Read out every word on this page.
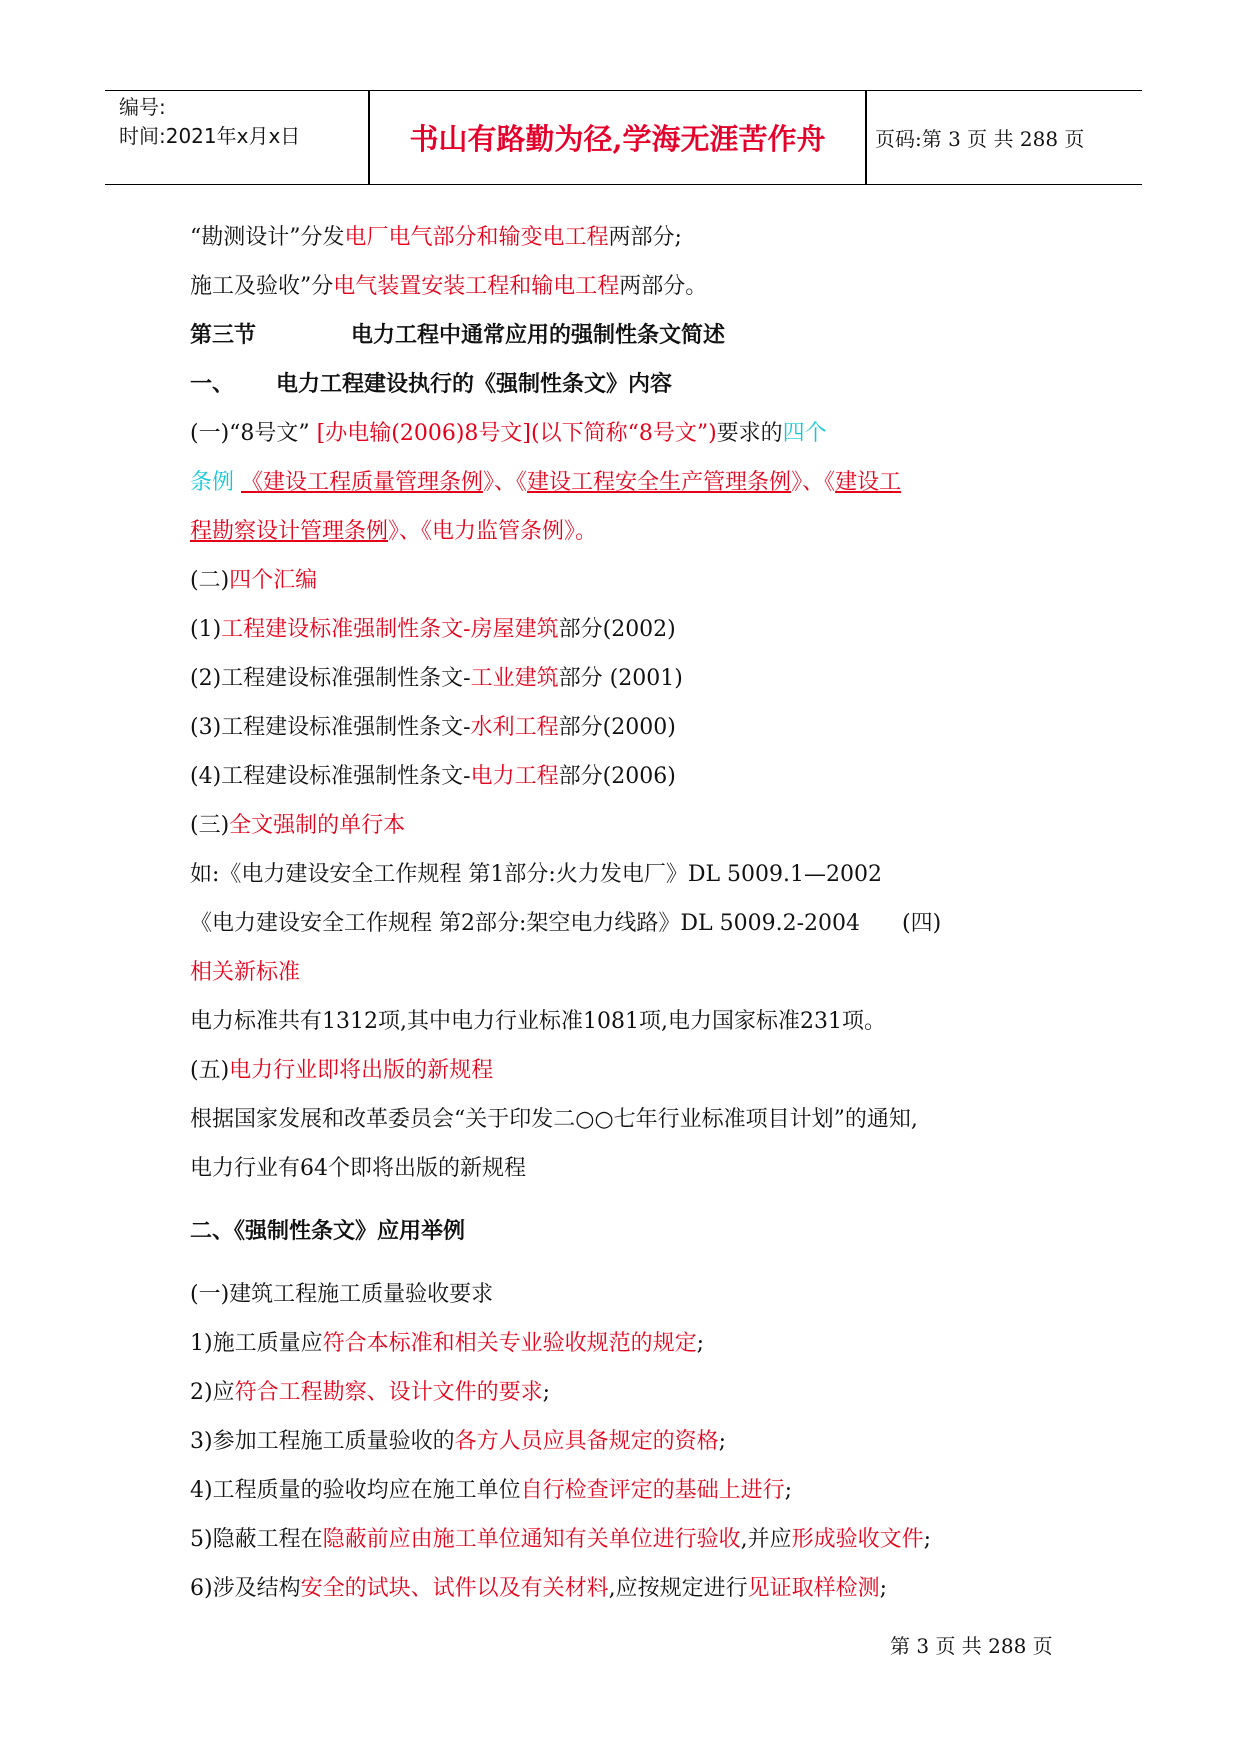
编号:
时间:2021年x月x日	书山有路勤为径,学海无涯苦作舟	页码:第 3 页 共 288 页
“勘测设计”分发电厂电气部分和输变电工程两部分;
施工及验收”分电气装置安装工程和输电工程两部分。
第三节	电力工程中通常应用的强制性条文简述
一、 电力工程建设执行的《强制性条文》内容
(一)“8号文” [办电输(2006)8号文](以下简称“8号文”)要求的四个
条例 《建设工程质量管理条例》、《建设工程安全生产管理条例》、《建设工
程勘察设计管理条例》、《电力监管条例》。
(二)四个汇编
(1)工程建设标准强制性条文-房屋建筑部分(2002)
(2)工程建设标准强制性条文-工业建筑部分 (2001)
(3)工程建设标准强制性条文-水利工程部分(2000)
(4)工程建设标准强制性条文-电力工程部分(2006)
(三)全文强制的单行本
如:《电力建设安全工作规程 第1部分:火力发电厂》DL 5009.1—2002
《电力建设安全工作规程 第2部分:架空电力线路》DL 5009.2-2004 (四)
相关新标准
电力标准共有1312项,其中电力行业标准1081项,电力国家标准231项。
(五)电力行业即将出版的新规程
根据国家发展和改革委员会“关于印发二○○七年行业标准项目计划”的通知,
电力行业有64个即将出版的新规程
二、《强制性条文》应用举例
(一)建筑工程施工质量验收要求
1)施工质量应符合本标准和相关专业验收规范的规定;
2)应符合工程勘察、设计文件的要求;
3)参加工程施工质量验收的各方人员应具备规定的资格;
4)工程质量的验收均应在施工单位自行检查评定的基础上进行;
5)隐蔽工程在隐蔽前应由施工单位通知有关单位进行验收,并应形成验收文件;
6)涉及结构安全的试块、试件以及有关材料,应按规定进行见证取样检测;
第 3 页 共 288 页
